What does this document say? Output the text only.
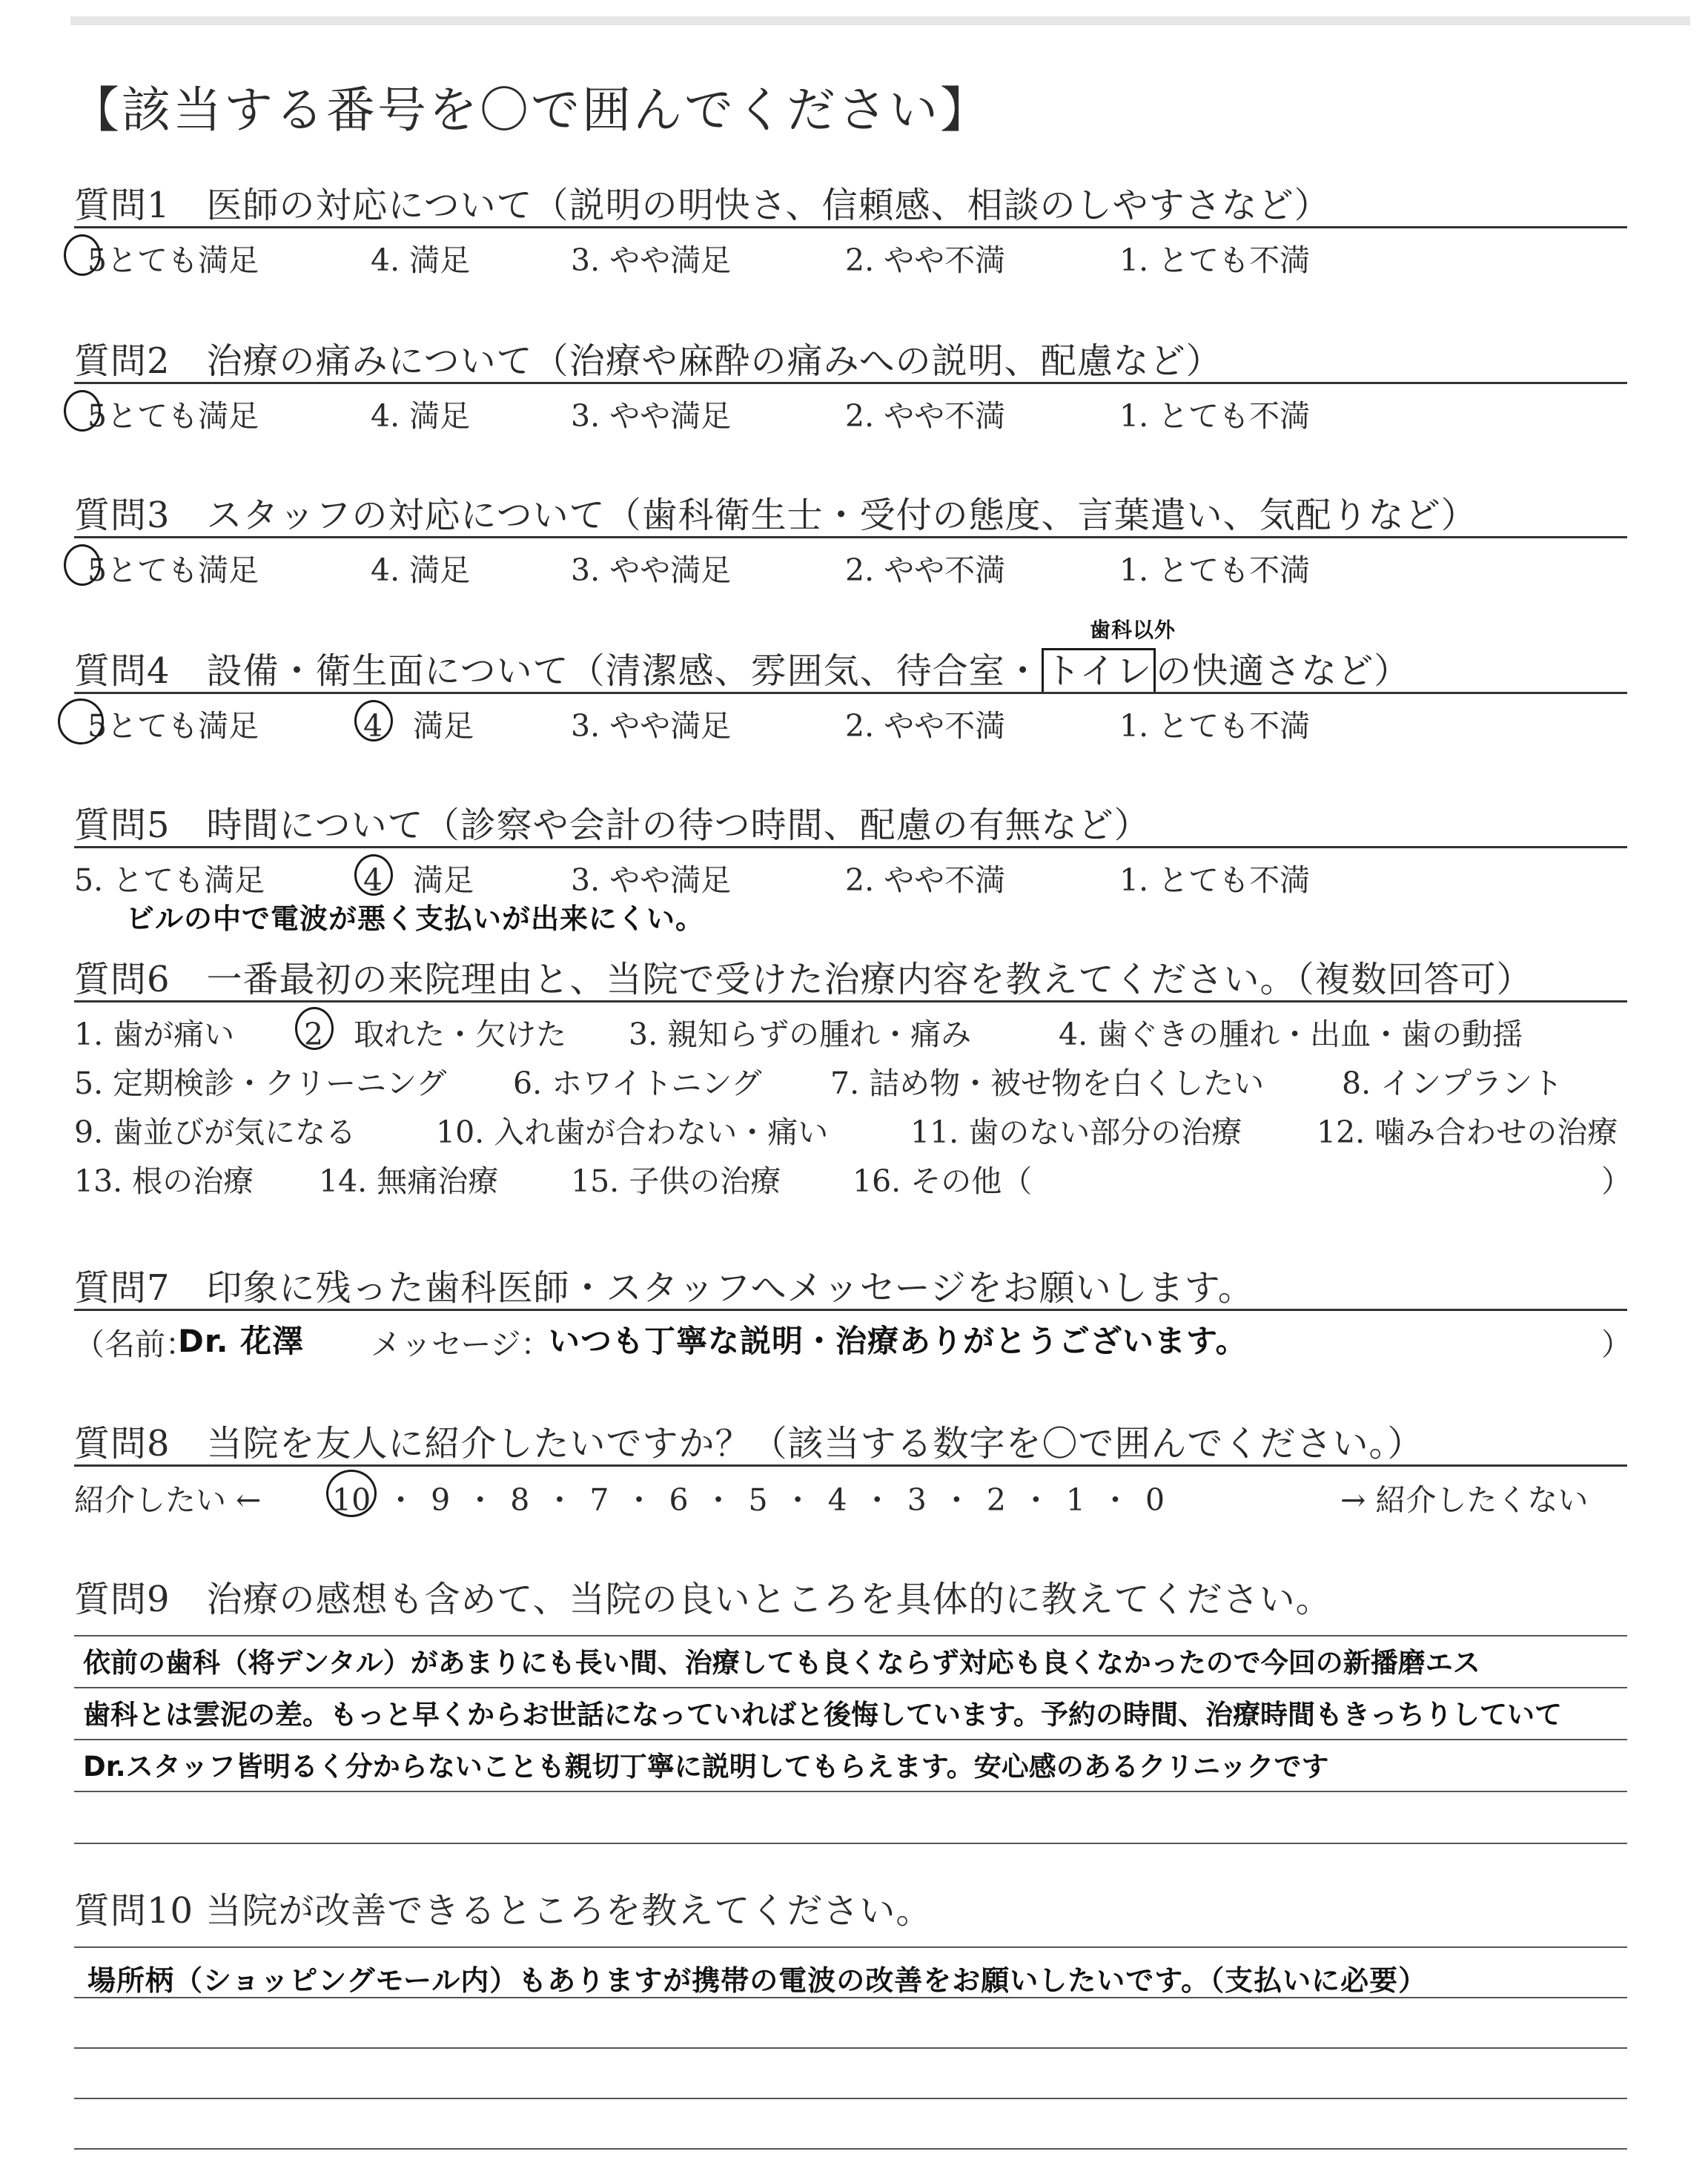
【該当する番号を〇で囲んでください】
質問1　医師の対応について（説明の明快さ、信頼感、相談のしやすさなど）
5とても満足	4. 満足	3. やや満足	2. やや不満	1. とても不満
質問2　治療の痛みについて（治療や麻酔の痛みへの説明、配慮など）
5とても満足	4. 満足	3. やや満足	2. やや不満	1. とても不満
質問3　スタッフの対応について（歯科衛生士・受付の態度、言葉遣い、気配りなど）
5とても満足	4. 満足	3. やや満足	2. やや不満	1. とても不満
歯科以外
質問4　設備・衛生面について（清潔感、雰囲気、待合室・ トイレ の快適さなど）
5とても満足	4　 満足	3. やや満足	2. やや不満	1. とても不満
質問5　時間について（診察や会計の待つ時間、配慮の有無など）
5. とても満足	4　 満足	3. やや満足	2. やや不満	1. とても不満
ビルの中で電波が悪く支払いが出来にくい。
質問6　一番最初の来院理由と、当院で受けた治療内容を教えてください。（複数回答可）
1. 歯が痛い 2　 取れた・欠けた 3. 親知らずの腫れ・痛み	4. 歯ぐきの腫れ・出血・歯の動揺
5. 定期検診・クリーニング 6. ホワイトニング 7. 詰め物・被せ物を白くしたい	8. インプラント
9. 歯並びが気になる	10. 入れ歯が合わない・痛い	11. 歯のない部分の治療 12. 噛み合わせの治療
13. 根の治療 14. 無痛治療 15. 子供の治療 16. その他（	）
質問7　印象に残った歯科医師・スタッフへメッセージをお願いします。
（名前：
Dr. 花澤 メッセージ：
いつも丁寧な説明・治療ありがとうございます。	）
質問8　当院を友人に紹介したいですか？（該当する数字を〇で囲んでください。）
紹介したい ← 10 ・ 9 ・ 8 ・ 7 ・ 6 ・ 5 ・ 4 ・ 3 ・ 2 ・ 1 ・ 0	→ 紹介したくない
質問9　治療の感想も含めて、当院の良いところを具体的に教えてください。
依前の歯科（将デンタル）があまりにも長い間、治療しても良くならず対応も良くなかったので今回の新播磨エス
歯科とは雲泥の差。もっと早くからお世話になっていればと後悔しています。予約の時間、治療時間もきっちりしていて
Dr.スタッフ皆明るく分からないことも親切丁寧に説明してもらえます。安心感のあるクリニックです
質問10 当院が改善できるところを教えてください。
場所柄（ショッピングモール内）もありますが携帯の電波の改善をお願いしたいです。（支払いに必要）
